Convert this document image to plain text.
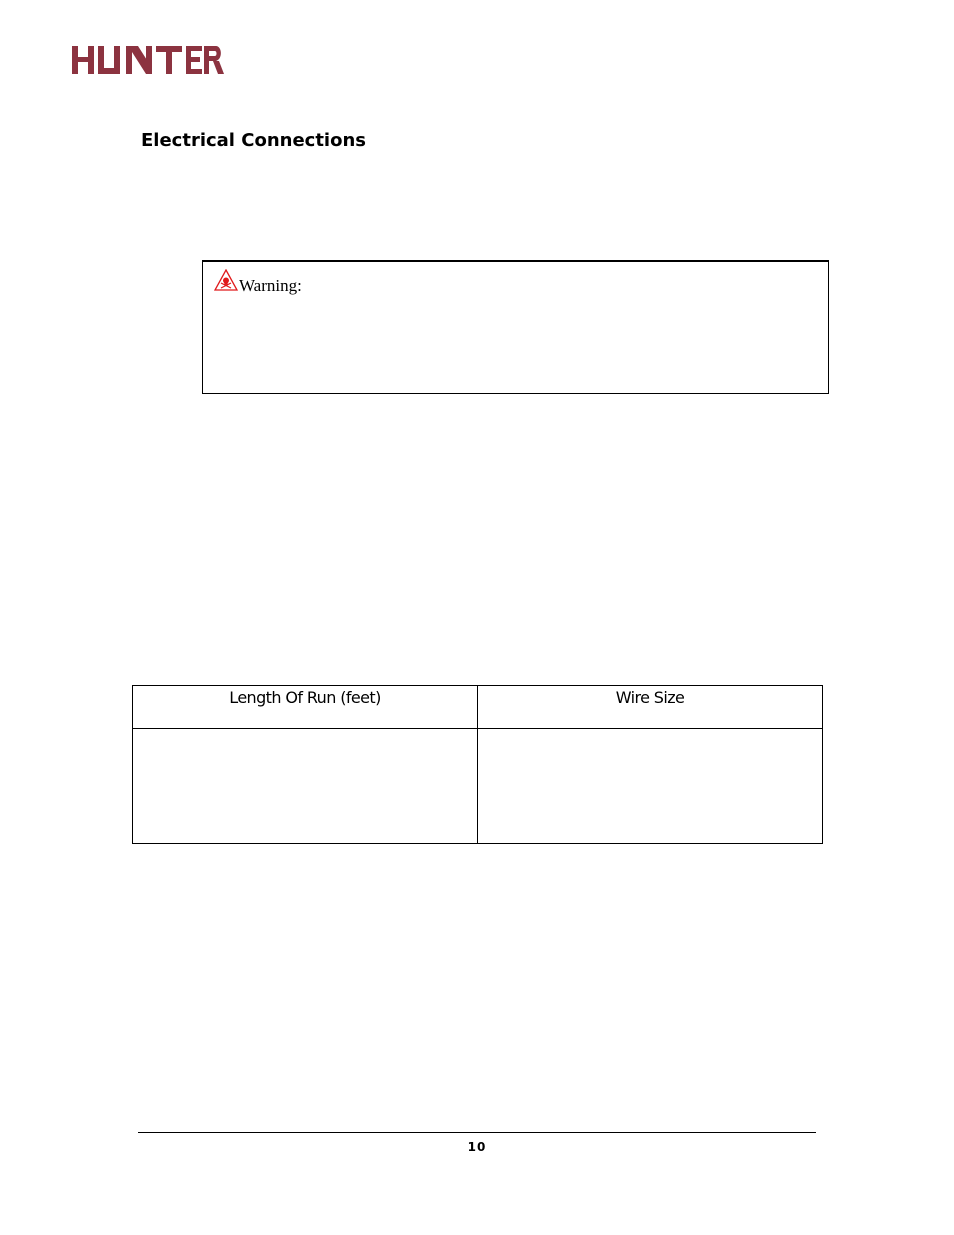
Electrical Connections
Warning:
Length Of Run (feet)	Wire Size

10
